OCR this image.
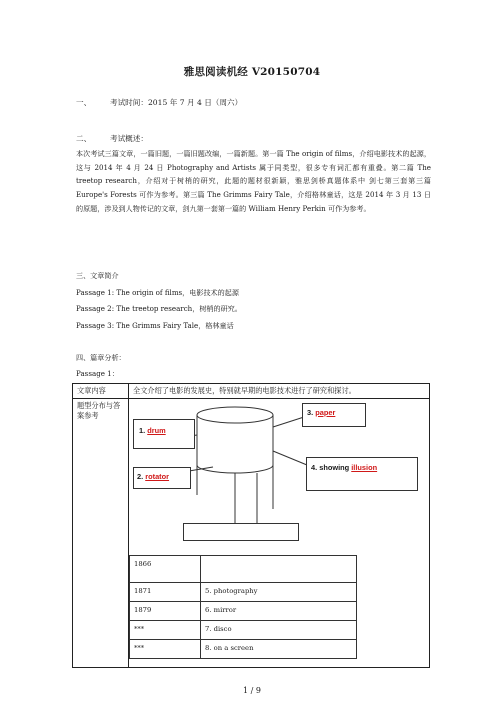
雅思阅读机经 V20150704
一、 考试时间：2015 年 7 月 4 日（周六）
二、 考试概述：
本次考试三篇文章，一篇旧题，一篇旧题改编，一篇新题。第一篇 The origin of films，介绍电影技术的起源，这与 2014 年 4 月 24 日 Photography and Artists 属于同类型，很多专有词汇都有重叠。第二篇 The treetop research，介绍对于树梢的研究，此题的题材很新颖，雅思剑桥真题体系中 剑七第三套第三篇 Europe's Forests 可作为参考。第三篇 The Grimms Fairy Tale，介绍格林童话，这是 2014 年 3 月 13 日的原题，涉及到人物传记的文章，剑九第一套第一篇的 William Henry Perkin 可作为参考。
三、文章简介
Passage 1: The origin of films，电影技术的起源
Passage 2: The treetop research，树梢的研究。
Passage 3: The Grimms Fairy Tale，格林童话
四、篇章分析：
Passage 1：
文章内容	全文介绍了电影的发展史，特别就早期的电影技术进行了研究和探讨。
题型分布与答案参考	
1. drum
3. paper
4. showing illusion
2. rotator
1866	
1871	5. photography
1879	6. mirror
***	7. disco
***	8. on a screen
1 / 9
